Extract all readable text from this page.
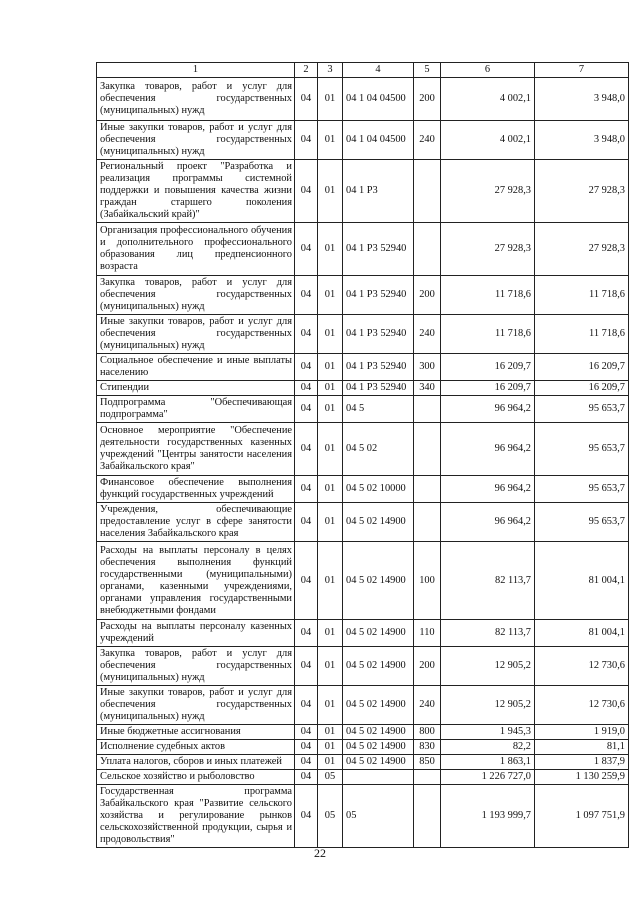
1	2	3	4	5	6	7
Закупка товаров, работ и услуг для обеспечения государственных (муниципальных) нужд	04	01	04 1 04 04500	200	4 002,1	3 948,0
Иные закупки товаров, работ и услуг для обеспечения государственных (муниципальных) нужд	04	01	04 1 04 04500	240	4 002,1	3 948,0
Региональный проект "Разработка и реализация программы системной поддержки и повышения качества жизни граждан старшего поколения (Забайкальский край)"	04	01	04 1 P3		27 928,3	27 928,3
Организация профессионального обучения и дополнительного профессионального образования лиц предпенсионного возраста	04	01	04 1 P3 52940		27 928,3	27 928,3
Закупка товаров, работ и услуг для обеспечения государственных (муниципальных) нужд	04	01	04 1 P3 52940	200	11 718,6	11 718,6
Иные закупки товаров, работ и услуг для обеспечения государственных (муниципальных) нужд	04	01	04 1 P3 52940	240	11 718,6	11 718,6
Социальное обеспечение и иные выплаты населению	04	01	04 1 P3 52940	300	16 209,7	16 209,7
Стипендии	04	01	04 1 P3 52940	340	16 209,7	16 209,7
Подпрограмма "Обеспечивающая подпрограмма"	04	01	04 5		96 964,2	95 653,7
Основное мероприятие "Обеспечение деятельности государственных казенных учреждений "Центры занятости населения Забайкальского края"	04	01	04 5 02		96 964,2	95 653,7
Финансовое обеспечение выполнения функций государственных учреждений	04	01	04 5 02 10000		96 964,2	95 653,7
Учреждения, обеспечивающие предоставление услуг в сфере занятости населения Забайкальского края	04	01	04 5 02 14900		96 964,2	95 653,7
Расходы на выплаты персоналу в целях обеспечения выполнения функций государственными (муниципальными) органами, казенными учреждениями, органами управления государственными внебюджетными фондами	04	01	04 5 02 14900	100	82 113,7	81 004,1
Расходы на выплаты персоналу казенных учреждений	04	01	04 5 02 14900	110	82 113,7	81 004,1
Закупка товаров, работ и услуг для обеспечения государственных (муниципальных) нужд	04	01	04 5 02 14900	200	12 905,2	12 730,6
Иные закупки товаров, работ и услуг для обеспечения государственных (муниципальных) нужд	04	01	04 5 02 14900	240	12 905,2	12 730,6
Иные бюджетные ассигнования	04	01	04 5 02 14900	800	1 945,3	1 919,0
Исполнение судебных актов	04	01	04 5 02 14900	830	82,2	81,1
Уплата налогов, сборов и иных платежей	04	01	04 5 02 14900	850	1 863,1	1 837,9
Сельское хозяйство и рыболовство	04	05			1 226 727,0	1 130 259,9
Государственная программа Забайкальского края "Развитие сельского хозяйства и регулирование рынков сельскохозяйственной продукции, сырья и продовольствия"	04	05	05		1 193 999,7	1 097 751,9
22
